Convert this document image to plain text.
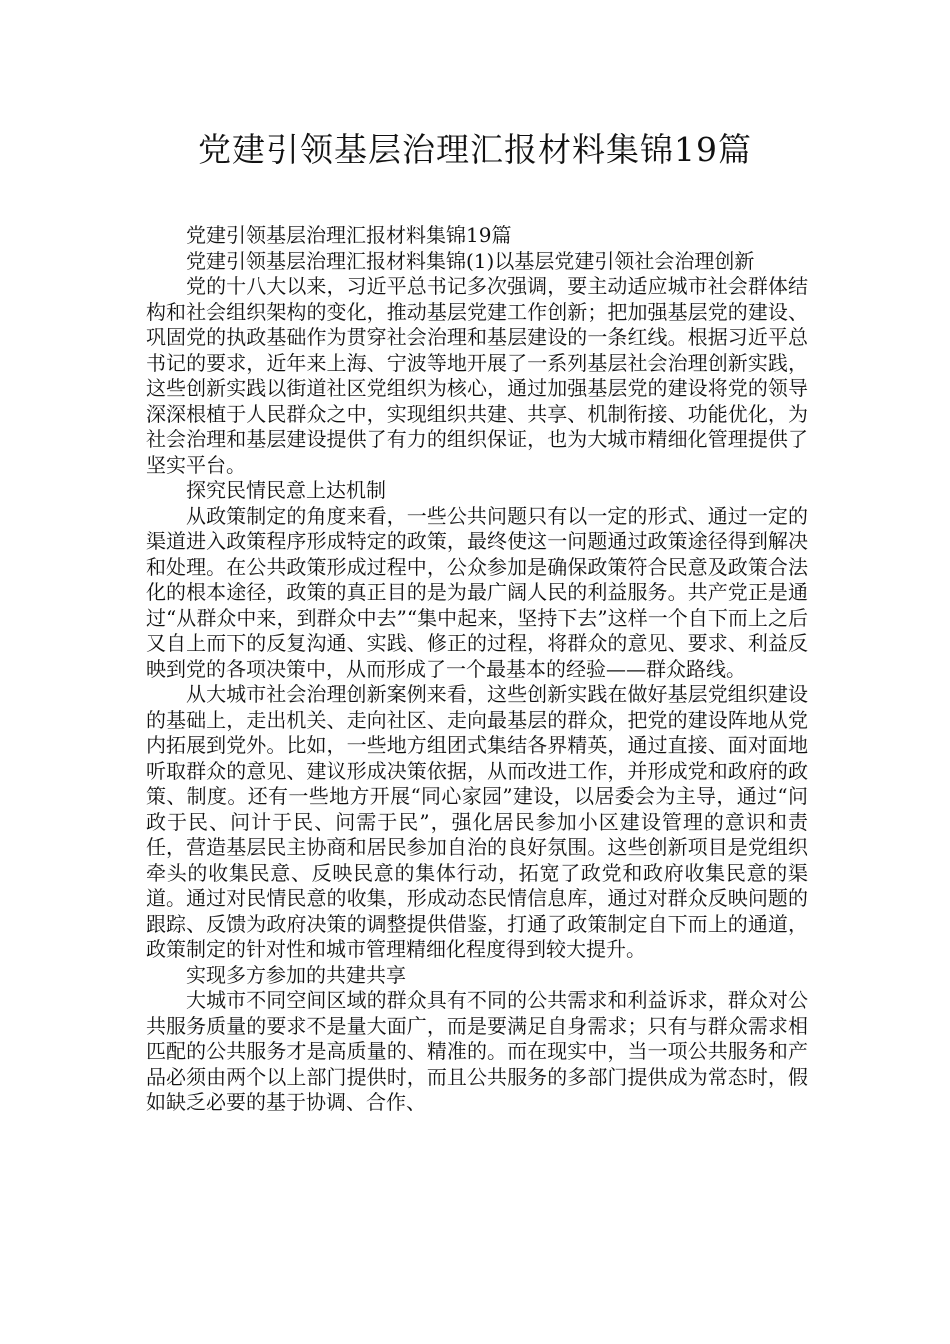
党建引领基层治理汇报材料集锦19篇

党建引领基层治理汇报材料集锦19篇

党建引领基层治理汇报材料集锦(1)以基层党建引领社会治理创新

党的十八大以来，习近平总书记多次强调，要主动适应城市社会群体结构和社会组织架构的变化，推动基层党建工作创新；把加强基层党的建设、巩固党的执政基础作为贯穿社会治理和基层建设的一条红线。根据习近平总书记的要求，近年来上海、宁波等地开展了一系列基层社会治理创新实践，这些创新实践以街道社区党组织为核心，通过加强基层党的建设将党的领导深深根植于人民群众之中，实现组织共建、共享、机制衔接、功能优化，为社会治理和基层建设提供了有力的组织保证，也为大城市精细化管理提供了坚实平台。

探究民情民意上达机制

从政策制定的角度来看，一些公共问题只有以一定的形式、通过一定的渠道进入政策程序形成特定的政策，最终使这一问题通过政策途径得到解决和处理。在公共政策形成过程中，公众参加是确保政策符合民意及政策合法化的根本途径，政策的真正目的是为最广阔人民的利益服务。共产党正是通过“从群众中来，到群众中去”“集中起来，坚持下去”这样一个自下而上之后又自上而下的反复沟通、实践、修正的过程，将群众的意见、要求、利益反映到党的各项决策中，从而形成了一个最基本的经验——群众路线。

从大城市社会治理创新案例来看，这些创新实践在做好基层党组织建设的基础上，走出机关、走向社区、走向最基层的群众，把党的建设阵地从党内拓展到党外。比如，一些地方组团式集结各界精英，通过直接、面对面地听取群众的意见、建议形成决策依据，从而改进工作，并形成党和政府的政策、制度。还有一些地方开展“同心家园”建设，以居委会为主导，通过“问政于民、问计于民、问需于民”，强化居民参加小区建设管理的意识和责任，营造基层民主协商和居民参加自治的良好氛围。这些创新项目是党组织牵头的收集民意、反映民意的集体行动，拓宽了政党和政府收集民意的渠道。通过对民情民意的收集，形成动态民情信息库，通过对群众反映问题的跟踪、反馈为政府决策的调整提供借鉴，打通了政策制定自下而上的通道，政策制定的针对性和城市管理精细化程度得到较大提升。

实现多方参加的共建共享

大城市不同空间区域的群众具有不同的公共需求和利益诉求，群众对公共服务质量的要求不是量大面广，而是要满足自身需求；只有与群众需求相匹配的公共服务才是高质量的、精准的。而在现实中，当一项公共服务和产品必须由两个以上部门提供时，而且公共服务的多部门提供成为常态时，假如缺乏必要的基于协调、合作、
